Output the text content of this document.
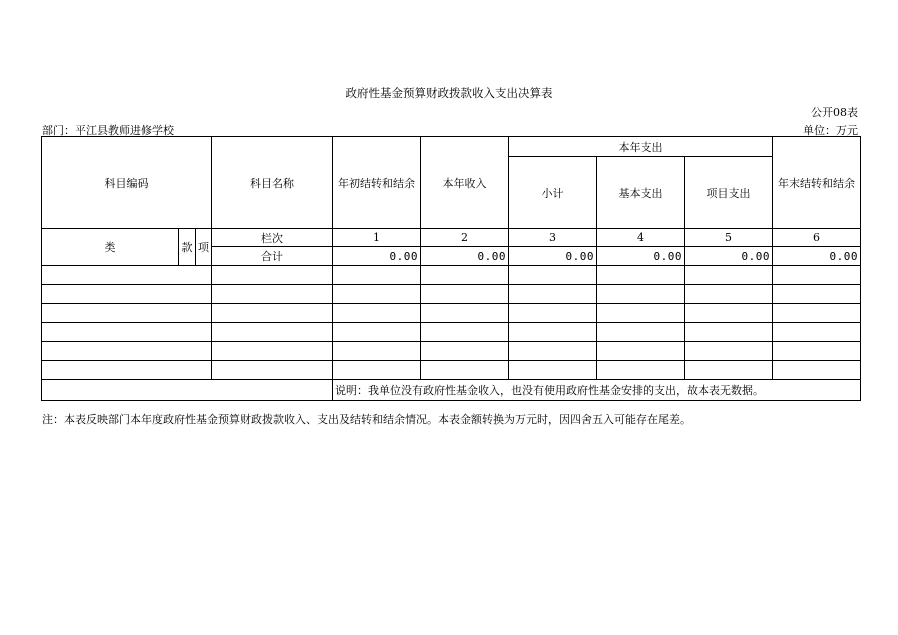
政府性基金预算财政拨款收入支出决算表
公开08表
部门：平江县教师进修学校	单位：万元
科目编码			科目名称	年初结转和结余	本年收入	本年支出			年末结转和结余
						小计	基本支出	项目支出	
类	款	项	栏次	1	2	3	4	5	6
			合计	0.00	0.00	0.00	0.00	0.00	0.00

				说明：我单位没有政府性基金收入，也没有使用政府性基金安排的支出，故本表无数据。					
注：本表反映部门本年度政府性基金预算财政拨款收入、支出及结转和结余情况。本表金额转换为万元时，因四舍五入可能存在尾差。
